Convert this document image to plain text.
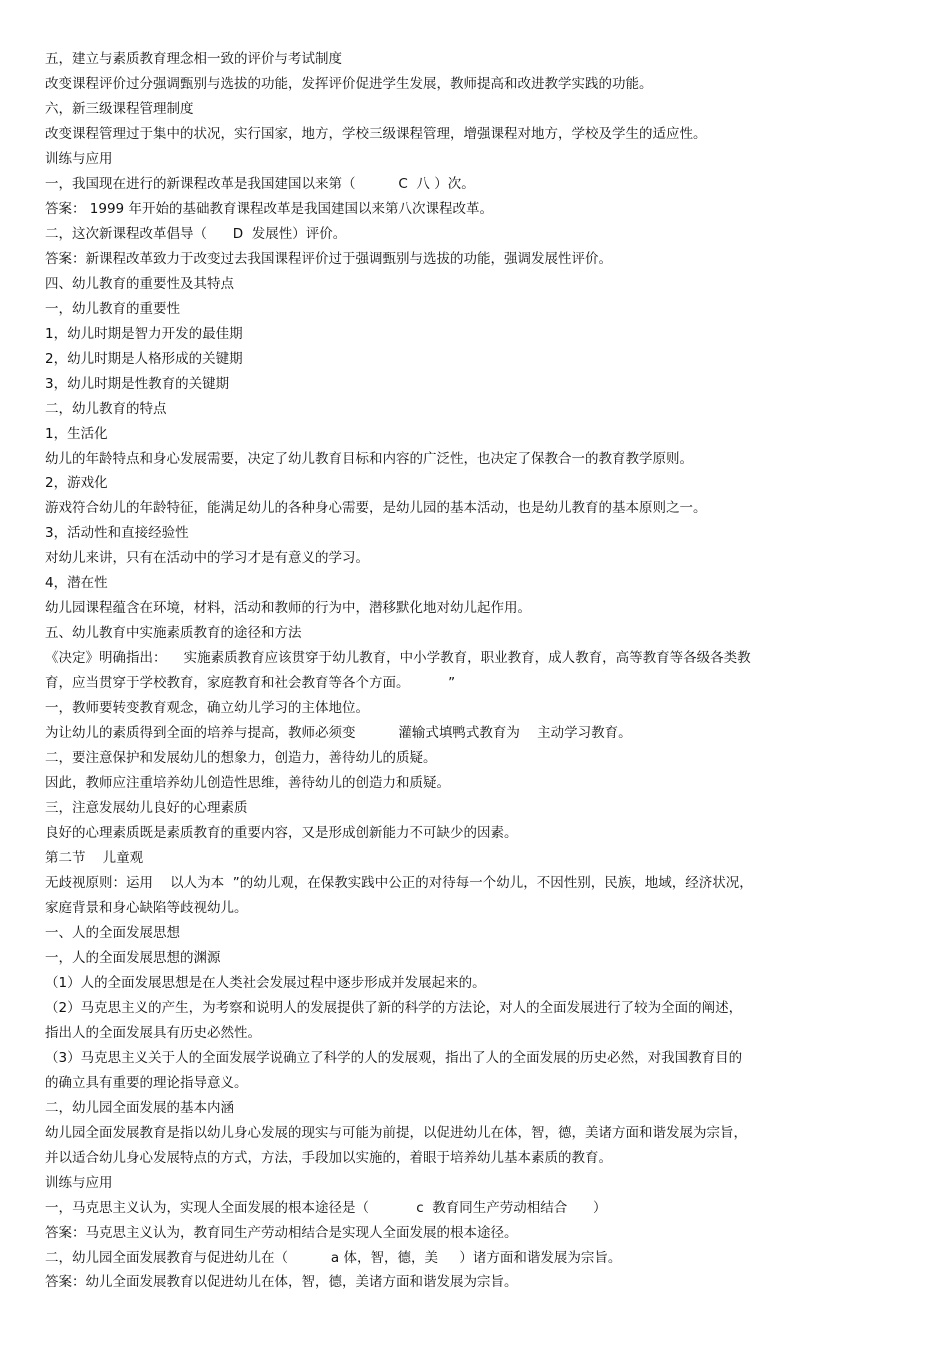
五，建立与素质教育理念相一致的评价与考试制度
改变课程评价过分强调甄别与选拔的功能，发挥评价促进学生发展，教师提高和改进教学实践的功能。
六，新三级课程管理制度
改变课程管理过于集中的状况，实行国家，地方，学校三级课程管理，增强课程对地方，学校及学生的适应性。
训练与应用
一，我国现在进行的新课程改革是我国建国以来第（          C  八 ）次。
答案： 1999 年开始的基础教育课程改革是我国建国以来第八次课程改革。
二，这次新课程改革倡导（      D  发展性）评价。
答案：新课程改革致力于改变过去我国课程评价过于强调甄别与选拔的功能，强调发展性评价。
四、幼儿教育的重要性及其特点
一，幼儿教育的重要性
1，幼儿时期是智力开发的最佳期
2，幼儿时期是人格形成的关键期
3，幼儿时期是性教育的关键期
二，幼儿教育的特点
1，生活化
幼儿的年龄特点和身心发展需要，决定了幼儿教育目标和内容的广泛性，也决定了保教合一的教育教学原则。
2，游戏化
游戏符合幼儿的年龄特征，能满足幼儿的各种身心需要，是幼儿园的基本活动，也是幼儿教育的基本原则之一。
3，活动性和直接经验性
对幼儿来讲，只有在活动中的学习才是有意义的学习。
4，潜在性
幼儿园课程蕴含在环境，材料，活动和教师的行为中，潜移默化地对幼儿起作用。
五、幼儿教育中实施素质教育的途径和方法
《决定》明确指出：    实施素质教育应该贯穿于幼儿教育，中小学教育，职业教育，成人教育，高等教育等各级各类教
育，应当贯穿于学校教育，家庭教育和社会教育等各个方面。         ”
一，教师要转变教育观念，确立幼儿学习的主体地位。
为让幼儿的素质得到全面的培养与提高，教师必须变          灌输式填鸭式教育为    主动学习教育。
二，要注意保护和发展幼儿的想象力，创造力，善待幼儿的质疑。
因此，教师应注重培养幼儿创造性思维，善待幼儿的创造力和质疑。
三，注意发展幼儿良好的心理素质
良好的心理素质既是素质教育的重要内容，又是形成创新能力不可缺少的因素。
第二节    儿童观
无歧视原则：运用    以人为本  ”的幼儿观，在保教实践中公正的对待每一个幼儿，不因性别，民族，地域，经济状况，
家庭背景和身心缺陷等歧视幼儿。
一、人的全面发展思想
一，人的全面发展思想的渊源
（1）人的全面发展思想是在人类社会发展过程中逐步形成并发展起来的。
（2）马克思主义的产生，为考察和说明人的发展提供了新的科学的方法论，对人的全面发展进行了较为全面的阐述，
指出人的全面发展具有历史必然性。
（3）马克思主义关于人的全面发展学说确立了科学的人的发展观，指出了人的全面发展的历史必然，对我国教育目的
的确立具有重要的理论指导意义。
二，幼儿园全面发展的基本内涵
幼儿园全面发展教育是指以幼儿身心发展的现实与可能为前提，以促进幼儿在体，智，德，美诸方面和谐发展为宗旨，
并以适合幼儿身心发展特点的方式，方法，手段加以实施的，着眼于培养幼儿基本素质的教育。
训练与应用
一，马克思主义认为，实现人全面发展的根本途径是（           c  教育同生产劳动相结合      ）
答案：马克思主义认为，教育同生产劳动相结合是实现人全面发展的根本途径。
二，幼儿园全面发展教育与促进幼儿在（          a 体，智，德，美     ）诸方面和谐发展为宗旨。
答案：幼儿全面发展教育以促进幼儿在体，智，德，美诸方面和谐发展为宗旨。
